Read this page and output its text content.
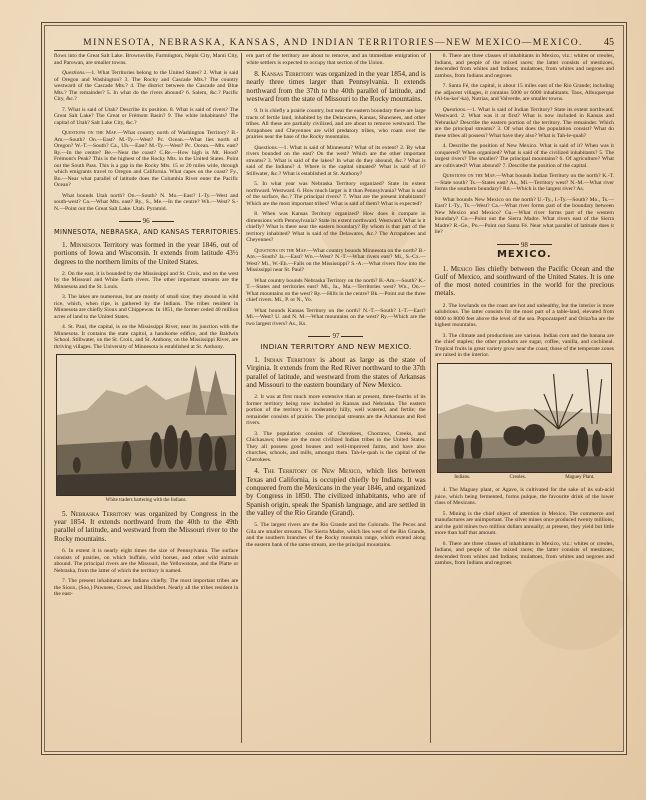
MINNESOTA, NEBRASKA, KANSAS, AND INDIAN TERRITORIES—NEW MEXICO—MEXICO.	45

flows into the Great Salt Lake. Brownsville, Farmington, Nephi City, Manti City, and Parowan, are smaller towns.

Questions.—1. What Territories belong to the United States? 2. What is said of Oregon and Washington? 3. The Rocky and Cascade Mts.? The country westward of the Cascade Mts.? 4. The district between the Cascade and Blue Mts.? The remainder? 5. In what do the rivers abound? 6. Salem, &c.? Pacific City, &c.?

7. What is said of Utah? Describe its position. 8. What is said of rivers? The Great Salt Lake? The Great or Frémont Basin? 9. The white inhabitants? The capital of Utah? Salt Lake City, &c.?

Questions on the Map.—What country north of Washington Territory? B.-Am.—South? On.—East? M.-Ty.—West? Pc. Ocean.—What lies north of Oregon? W.-T.—South? Ca., Uh.—East? M.-Ty.—West? Pc. Ocean.—Mts. east? Ry.—In the centre? Be.—Near the coast? C.Re.—How high is Mt. Hood? Frémont's Peak? This is the highest of the Rocky Mts. in the United States. Point out the South Pass. This is a gap in the Rocky Mts. 15 or 20 miles wide, through which emigrants travel to Oregon and California. What capes on the coast? Fy., Bo.—Near what parallel of latitude does the Columbia River enter the Pacific Ocean?

What bounds Utah north? On.—South? N. Mo.—East? I.-Ty.—West and south-west? Ca.—What Mts. east? Ry., S., Me.—In the centre? Wh.—West? S.-N.—Point out the Great Salt Lake. Utah. Pyramid.

96
MINNESOTA, NEBRASKA, AND KANSAS TERRITORIES.

1. Minnesota Territory was formed in the year 1846, out of portions of Iowa and Wisconsin. It extends from latitude 43½ degrees to the northern limits of the United States.

2. On the east, it is bounded by the Mississippi and St. Croix, and on the west by the Missouri and White Earth rivers. The other important streams are the Minnesota and the St. Louis.

3. The lakes are numerous, but are mostly of small size; they abound in wild rice, which, when ripe, is gathered by the Indians. The tribes resident in Minnesota are chiefly Sioux and Chippewas. In 1851, the former ceded 40 million acres of land to the United States.

4. St. Paul, the capital, is on the Mississippi River, near its junction with the Minnesota. It contains the state capitol, a handsome edifice, and the Baldwin School. Stillwater, on the St. Croix, and St. Anthony, on the Mississippi River, are thriving villages. The University of Minnesota is established at St. Anthony.

White traders bartering with the Indians.

5. Nebraska Territory was organized by Congress in the year 1854. It extends northward from the 40th to the 49th parallel of latitude, and westward from the Missouri river to the Rocky mountains.

6. In extent it is nearly eight times the size of Pennsylvania. The surface consists of prairies, on which buffalo, wild horses, and other wild animals abound. The principal rivers are the Missouri, the Yellowstone, and the Platte or Nebraska, from the latter of which the territory is named.

7. The present inhabitants are Indians chiefly. The most important tribes are the Sioux, (Soo,) Pawnees, Crows, and Blackfeet. Nearly all the tribes resident in the east-

ern part of the territory are about to remove, and an immediate emigration of white settlers is expected to occupy that section of the Union.

8. Kansas Territory was organized in the year 1854, and is nearly three times larger than Pennsylvania. It extends northward from the 37th to the 40th parallel of latitude, and westward from the state of Missouri to the Rocky mountains.

9. It is chiefly a prairie country, but near the eastern boundary there are large tracts of fertile land, inhabited by the Delawares, Kansas, Shawnees, and other tribes. All these are partially civilized, and are about to remove westward. The Arrapahoes and Cheyennes are wild predatory tribes, who roam over the prairies near the base of the Rocky mountains.

Questions.—1. What is said of Minnesota? What of its extent? 2. By what rivers bounded on the east? On the west? Which are the other important streams? 3. What is said of the lakes? In what do they abound, &c.? What is said of the Indians? 4. Where is the capital situated? What is said of it? Stillwater, &c.? What is established at St. Anthony?

5. In what year was Nebraska Territory organized? State its extent northward. Westward. 6. How much larger is it than Pennsylvania? What is said of the surface, &c.? The principal rivers? 7. What are the present inhabitants? Which are the most important tribes? What is said of them? What is expected?

8. When was Kansas Territory organized? How does it compare in dimensions with Pennsylvania? State its extent northward. Westward. What is it chiefly? What is there near the eastern boundary? By whom is that part of the territory inhabited? What is said of the Delawares, &c.? The Arrapahoes and Cheyennes?

Questions on the Map.—What country bounds Minnesota on the north? B.-Am.—South? Ia.—East? Wn.—West? N.-T.—What rivers east? Mi., S.-Cx.—West? Mi., W.-Eh.—Falls on the Mississippi? S.-A.—What rivers flow into the Mississippi near St. Paul?

What country bounds Nebraska Territory on the north? B.-Am.—South? K.-T.—States and territories east? Mi., Ia., Ma.—Territories west? Wn., On.—What mountains on the west? Ry.—Hills in the centre? Bk.—Point out the three chief rivers. Mi., P. or N., Yo.

What bounds Kansas Territory on the north? N.-T.—South? I.-T.—East? Mi.—West? U. and N. M.—What mountains on the west? Ry.—Which are the two largest rivers? As., Ks.

97
INDIAN TERRITORY AND NEW MEXICO.

1. Indian Territory is about as large as the state of Virginia. It extends from the Red River northward to the 37th parallel of latitude, and westward from the states of Arkansas and Missouri to the eastern boundary of New Mexico.

2. It was at first much more extensive than at present, three-fourths of its former territory being now included in Kansas and Nebraska. The eastern portion of the territory is moderately hilly, well watered, and fertile; the remainder consists of prairie. The principal streams are the Arkansas and Red rivers.

3. The population consists of Cherokees, Choctaws, Creeks, and Chickasaws; these are the most civilized Indian tribes in the United States. They all possess good houses and well-improved farms, and have also churches, schools, and mills, amongst them. Tah-le-quah is the capital of the Cherokees.

4. The Territory of New Mexico, which lies between Texas and California, is occupied chiefly by Indians. It was conquered from the Mexicans in the year 1846, and organized by Congress in 1850. The civilized inhabitants, who are of Spanish origin, speak the Spanish language, and are settled in the valley of the Rio Grande (Grand).

5. The largest rivers are the Rio Grande and the Colorado. The Pecos and Gila are smaller streams. The Sierra Madre, which lies west of the Rio Grande, and the southern branches of the Rocky mountain range, which extend along the eastern bank of the same stream, are the principal mountains.

6. There are three classes of inhabitants in Mexico, viz.: whites or creoles, Indians, and people of the mixed races; the latter consists of mestizoes, descended from whites and Indians; mulattoes, from whites and negroes and zambos, from Indians and negroes

7. Santa Fé, the capital, is about 15 miles east of the Rio Grande; including the adjacent villages, it contains 5000 or 6000 inhabitants. Taos, Albuquerque (Al-bu-ker'-ka), Nutrias, and Valverde, are smaller towns.

Questions.—1. What is said of Indian Territory? State its extent northward. Westward. 2. What was it at first? What is now included in Kansas and Nebraska? Describe the eastern portion of the territory. The remainder. Which are the principal streams? 3. Of what does the population consist? What do these tribes all possess? What have they also? What is Tah-le-quah?

4. Describe the position of New Mexico. What is said of it? When was it conquered? When organized? What is said of the civilized inhabitants? 5. The largest rivers? The smaller? The principal mountains? 6. Of agriculture? What are cultivated? What abound? 7. Describe the position of the capital.

Questions on the Map.—What bounds Indian Territory on the north? K.-T.—State south? Ts.—States east? As., Mi.—Territory west? N.-M.—What river forms the southern boundary? Rd.—Which is the largest river? As.

What bounds New Mexico on the north? U.-Ty., I.-Ty.—South? Mo., Ts.—East? I.-Ty., Ts.—West? Ca.—What river forms part of the boundary between New Mexico and Mexico? Ga.—What river forms part of the western boundary? Co.—Point out the Sierra Madre. What rivers east of the Sierra Madre? R.-Ge., Po.—Point out Santa Fé. Near what parallel of latitude does it lie?

98
MEXICO.

1. Mexico lies chiefly between the Pacific Ocean and the Gulf of Mexico, and southward of the United States. It is one of the most noted countries in the world for the precious metals.

2. The lowlands on the coast are hot and unhealthy, but the interior is more salubrious. The latter consists for the most part of a table-land, elevated from 6000 to 8000 feet above the level of the sea. Popocatapetl' and Oriza'ba are the highest mountains.

3. The climate and productions are various. Indian corn and the banana are the chief staples; the other products are sugar, coffee, vanilla, and cochineal. Tropical fruits in great variety grow near the coast; those of the temperate zones are raised in the interior.

Indians.	Creoles.	Maguey Plant.

4. The Maguey plant, or Agave, is cultivated for the sake of its sub-acid juice, which being fermented, forms pulque, the favourite drink of the lower class of Mexicans.

5. Mining is the chief object of attention in Mexico. The commerce and manufactures are unimportant. The silver mines once produced twenty millions, and the gold mines two million dollars annually; at present, they yield but little more than half that amount.

6. There are three classes of inhabitants in Mexico, viz.: whites or creoles, Indians, and people of the mixed races; the latter consists of mestizoes, descended from whites and Indians; mulattoes, from whites and negroes and zambos, from Indians and negroes
